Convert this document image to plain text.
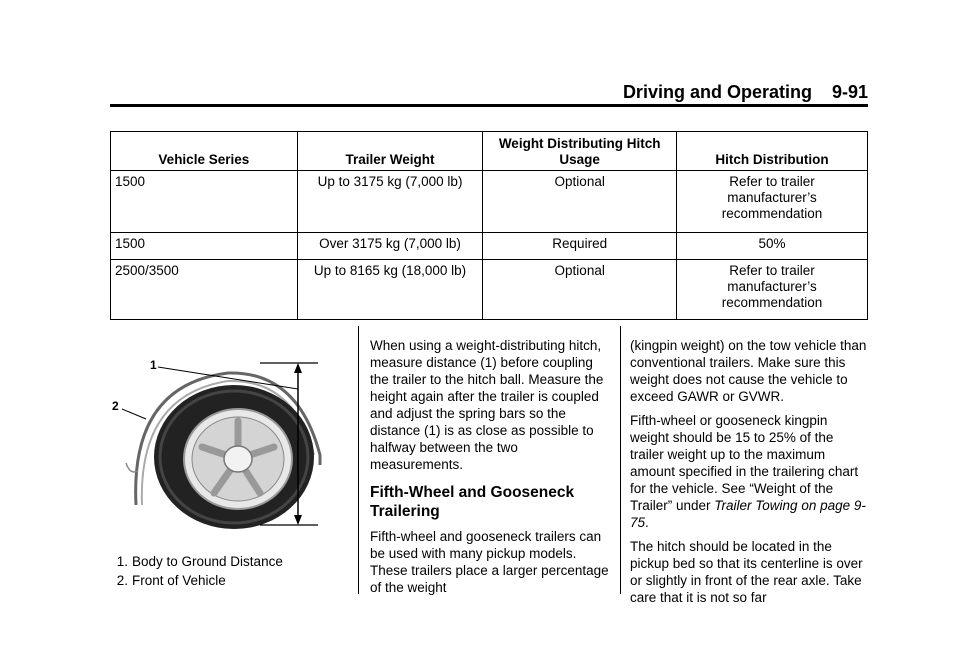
Driving and Operating    9-91
Vehicle Series	Trailer Weight	Weight Distributing Hitch Usage	Hitch Distribution
1500	Up to 3175 kg (7,000 lb)	Optional	Refer to trailer manufacturer’s recommendation
1500	Over 3175 kg (7,000 lb)	Required	50%
2500/3500	Up to 8165 kg (18,000 lb)	Optional	Refer to trailer manufacturer’s recommendation
1
2
1. Body to Ground Distance
2. Front of Vehicle

When using a weight-distributing hitch, measure distance (1) before coupling the trailer to the hitch ball. Measure the height again after the trailer is coupled and adjust the spring bars so the distance (1) is as close as possible to halfway between the two measurements.

Fifth-Wheel and Gooseneck Trailering

Fifth-wheel and gooseneck trailers can be used with many pickup models. These trailers place a larger percentage of the weight

(kingpin weight) on the tow vehicle than conventional trailers. Make sure this weight does not cause the vehicle to exceed GAWR or GVWR.

Fifth-wheel or gooseneck kingpin weight should be 15 to 25% of the trailer weight up to the maximum amount specified in the trailering chart for the vehicle. See “Weight of the Trailer” under Trailer Towing on page 9-75.

The hitch should be located in the pickup bed so that its centerline is over or slightly in front of the rear axle. Take care that it is not so far
